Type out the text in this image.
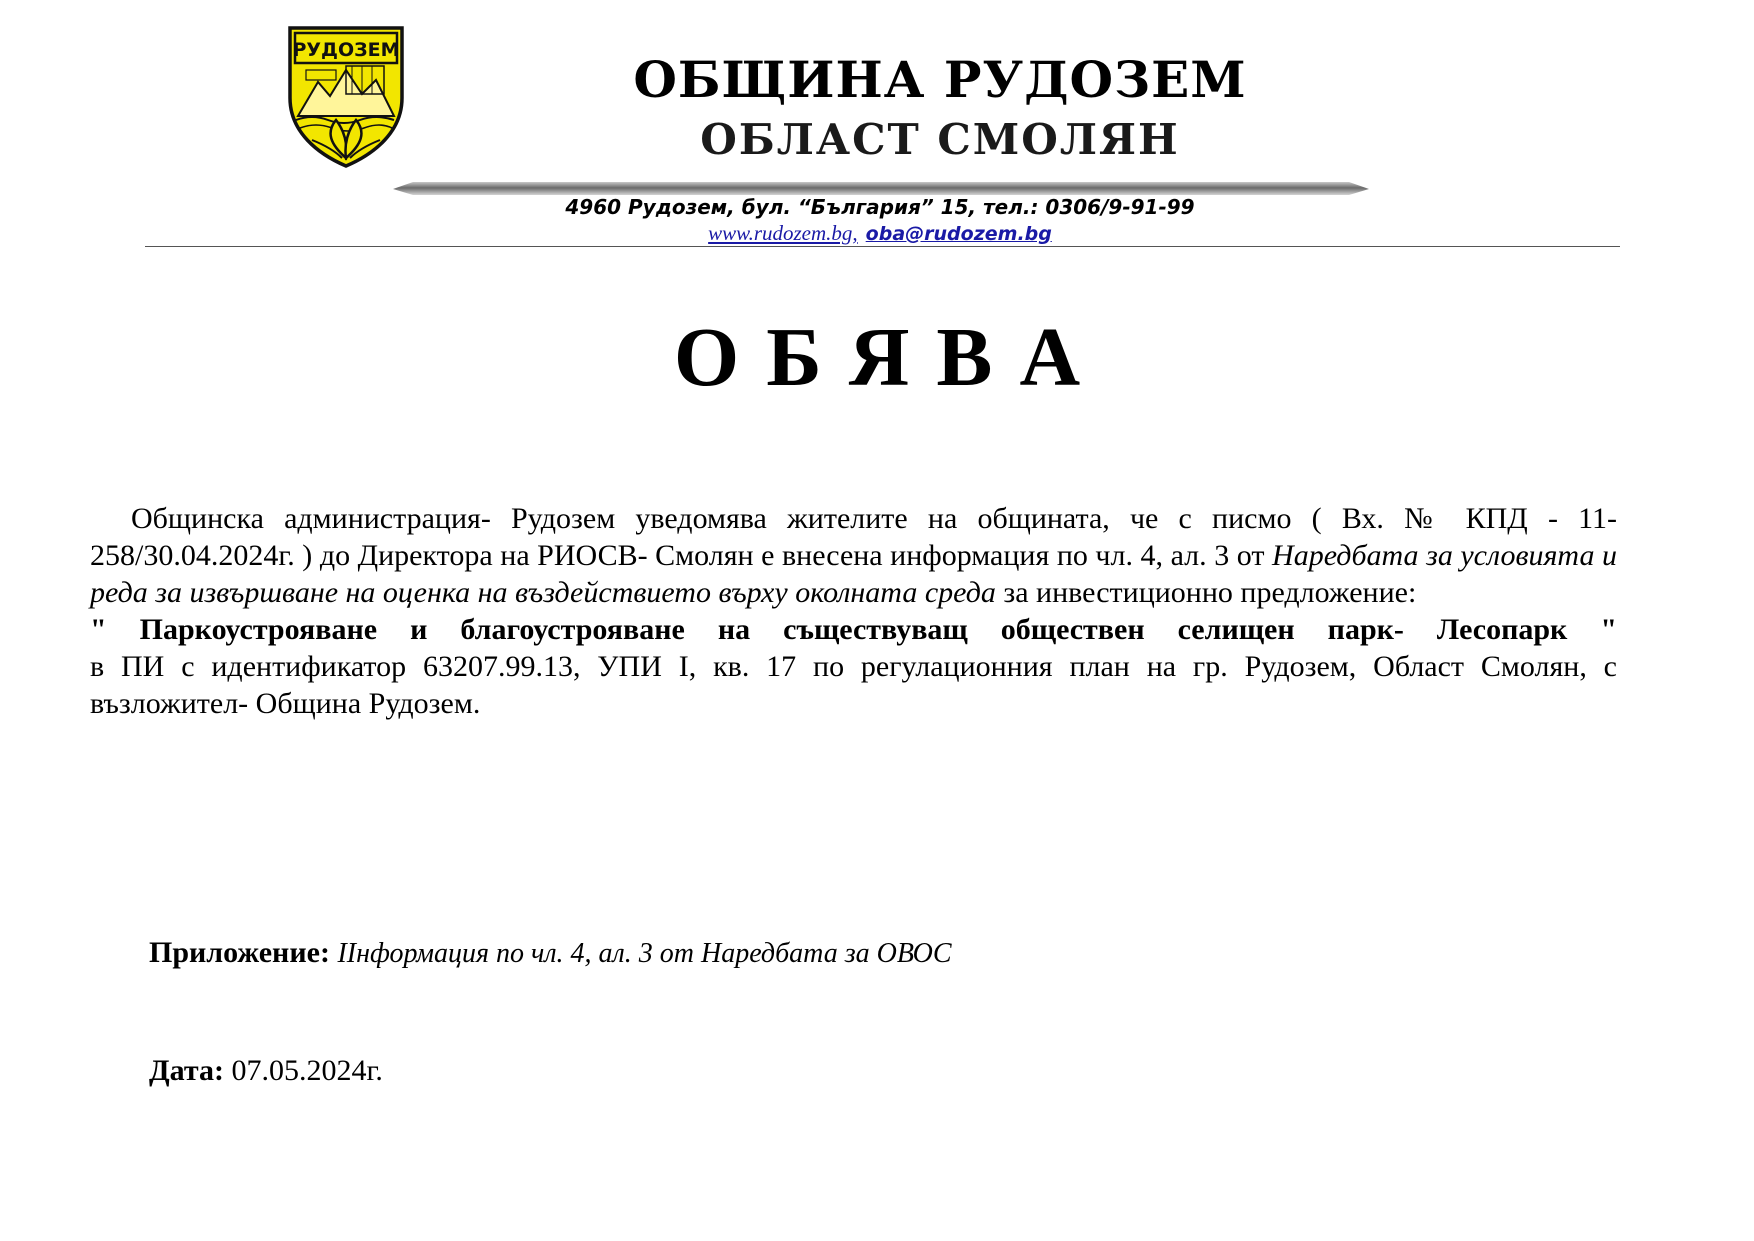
РУДОЗЕМ	ОБЩИНА РУДОЗЕМ
ОБЛАСТ СМОЛЯН
4960 Рудозем, бул. “България” 15, тел.: 0306/9-91-99
www.rudozem.bg, oba@rudozem.bg
О Б Я В А

Общинска администрация- Рудозем уведомява жителите на общината, че с писмо ( Вх. № КПД - 11-258/30.04.2024г. ) до Директора на РИОСВ- Смолян е внесена информация по чл. 4, ал. 3 от Наредбата за условията и реда за извършване на оценка на въздействието върху околната среда за инвестиционно предложение:

" Паркоустрояване и благоустрояване на съществуващ обществен селищен парк- Лесопарк "

в ПИ с идентификатор 63207.99.13, УПИ I, кв. 17 по регулационния план на гр. Рудозем, Област Смолян, с възложител- Община Рудозем.

Приложение: IIнформация по чл. 4, ал. 3 от Наредбата за ОВОС
Дата: 07.05.2024г.
